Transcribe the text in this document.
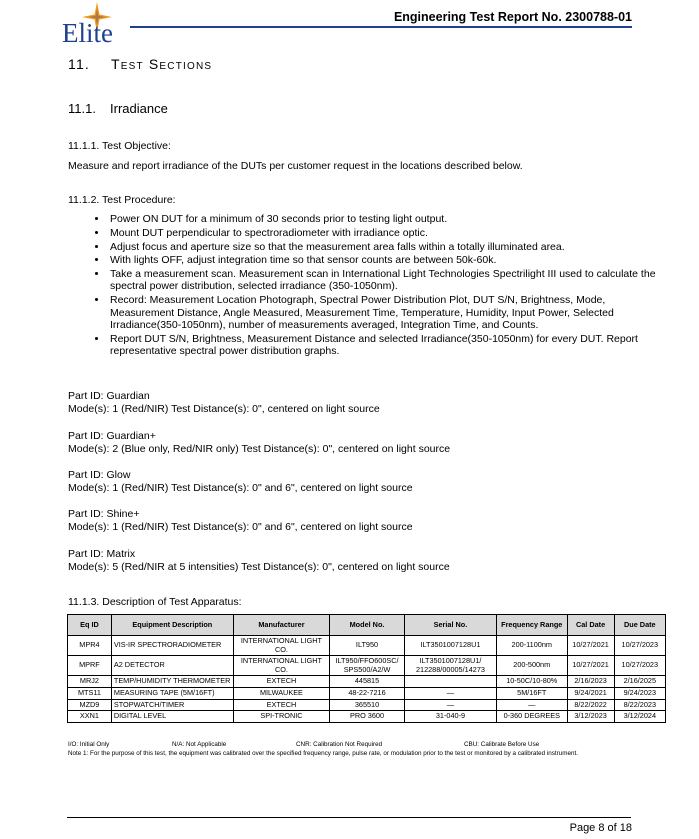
Elite
Engineering Test Report No. 2300788-01
11. Test Sections
11.1. Irradiance
11.1.1. Test Objective:
Measure and report irradiance of the DUTs per customer request in the locations described below.
11.1.2. Test Procedure:
• Power ON DUT for a minimum of 30 seconds prior to testing light output.
• Mount DUT perpendicular to spectroradiometer with irradiance optic.
• Adjust focus and aperture size so that the measurement area falls within a totally illuminated area.
• With lights OFF, adjust integration time so that sensor counts are between 50k-60k.
• Take a measurement scan. Measurement scan in International Light Technologies Spectrilight III used to calculate the spectral power distribution, selected irradiance (350-1050nm).
• Record: Measurement Location Photograph, Spectral Power Distribution Plot, DUT S/N, Brightness, Mode, Measurement Distance, Angle Measured, Measurement Time, Temperature, Humidity, Input Power, Selected Irradiance(350-1050nm), number of measurements averaged, Integration Time, and Counts.
• Report DUT S/N, Brightness, Measurement Distance and selected Irradiance(350-1050nm) for every DUT. Report representative spectral power distribution graphs.
Part ID: Guardian
Mode(s): 1 (Red/NIR) Test Distance(s): 0", centered on light source
Part ID: Guardian+
Mode(s): 2 (Blue only, Red/NIR only) Test Distance(s): 0", centered on light source
Part ID: Glow
Mode(s): 1 (Red/NIR) Test Distance(s): 0" and 6", centered on light source
Part ID: Shine+
Mode(s): 1 (Red/NIR) Test Distance(s): 0" and 6", centered on light source
Part ID: Matrix
Mode(s): 5 (Red/NIR at 5 intensities) Test Distance(s): 0", centered on light source
11.1.3. Description of Test Apparatus:
Eq ID	Equipment Description	Manufacturer	Model No.	Serial No.	Frequency Range	Cal Date	Due Date
MPR4	VIS-IR SPECTRORADIOMETER	INTERNATIONAL LIGHT CO.	ILT950	ILT3501007128U1	200-1100nm	10/27/2021	10/27/2023
MPRF	A2 DETECTOR	INTERNATIONAL LIGHT CO.	ILT950/FFO600SC/ SPS500/A2/W	ILT3501007128U1/ 212288/00005/14273	200-500nm	10/27/2021	10/27/2023
MRJ2	TEMP/HUMIDITY THERMOMETER	EXTECH	445815		10-50C/10-80%	2/16/2023	2/16/2025
MTS11	MEASURING TAPE (5M/16FT)	MILWAUKEE	48-22-7216	—	5M/16FT	9/24/2021	9/24/2023
MZD9	STOPWATCH/TIMER	EXTECH	365510	—	—	8/22/2022	8/22/2023
XXN1	DIGITAL LEVEL	SPI-TRONIC	PRO 3600	31-040-9	0-360 DEGREES	3/12/2023	3/12/2024
I/O: Initial Only	N/A: Not Applicable	CNR: Calibration Not Required	CBU: Calibrate Before Use
Note 1: For the purpose of this test, the equipment was calibrated over the specified frequency range, pulse rate, or modulation prior to the test or monitored by a calibrated instrument.
Page 8 of 18
